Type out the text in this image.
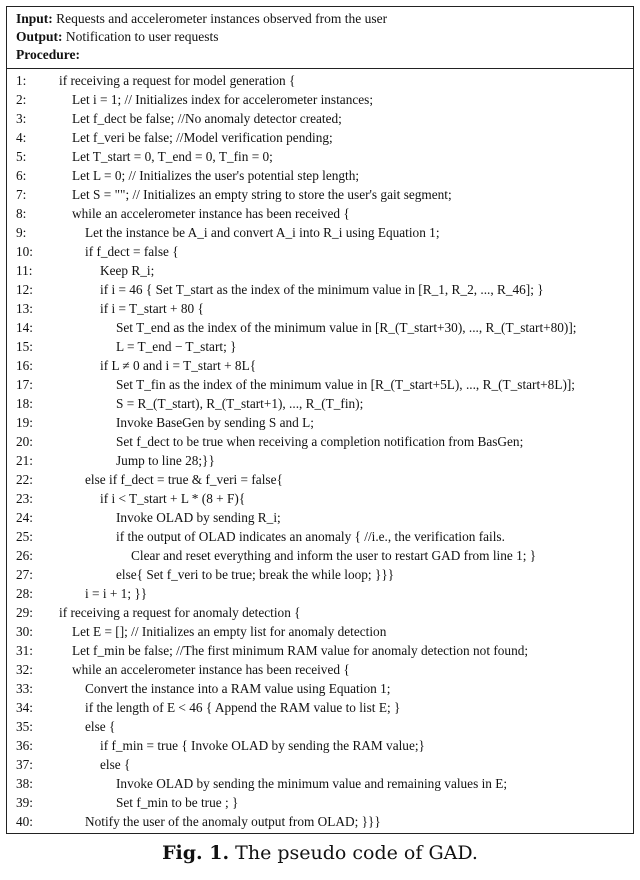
Input: Requests and accelerometer instances observed from the user
Output: Notification to user requests
Procedure:
1:	if receiving a request for model generation {
2:	Let i = 1; // Initializes index for accelerometer instances;
3:	Let f_dect be false; //No anomaly detector created;
4:	Let f_veri be false; //Model verification pending;
5:	Let T_start = 0, T_end = 0, T_fin = 0;
6:	Let L = 0; // Initializes the user's potential step length;
7:	Let S = ""; // Initializes an empty string to store the user's gait segment;
8:	while an accelerometer instance has been received {
9:	Let the instance be A_i and convert A_i into R_i using Equation 1;
10:	if f_dect = false {
11:	Keep R_i;
12:	if i = 46 { Set T_start as the index of the minimum value in [R_1, R_2, ..., R_46]; }
13:	if i = T_start + 80 {
14:	Set T_end as the index of the minimum value in [R_(T_start+30), ..., R_(T_start+80)];
15:	L = T_end − T_start; }
16:	if L ≠ 0 and i = T_start + 8L{
17:	Set T_fin as the index of the minimum value in [R_(T_start+5L), ..., R_(T_start+8L)];
18:	S = R_(T_start), R_(T_start+1), ..., R_(T_fin);
19:	Invoke BaseGen by sending S and L;
20:	Set f_dect to be true when receiving a completion notification from BasGen;
21:	Jump to line 28;}}
22:	else if f_dect = true & f_veri = false{
23:	if i < T_start + L * (8 + F){
24:	Invoke OLAD by sending R_i;
25:	if the output of OLAD indicates an anomaly { //i.e., the verification fails.
26:	Clear and reset everything and inform the user to restart GAD from line 1; }
27:	else{ Set f_veri to be true; break the while loop; }}}
28:	i = i + 1; }}
29:	if receiving a request for anomaly detection {
30:	Let E = []; // Initializes an empty list for anomaly detection
31:	Let f_min be false; //The first minimum RAM value for anomaly detection not found;
32:	while an accelerometer instance has been received {
33:	Convert the instance into a RAM value using Equation 1;
34:	if the length of E < 46 { Append the RAM value to list E; }
35:	else {
36:	if f_min = true { Invoke OLAD by sending the RAM value;}
37:	else {
38:	Invoke OLAD by sending the minimum value and remaining values in E;
39:	Set f_min to be true ; }
40:	Notify the user of the anomaly output from OLAD; }}}
Fig. 1. The pseudo code of GAD.
